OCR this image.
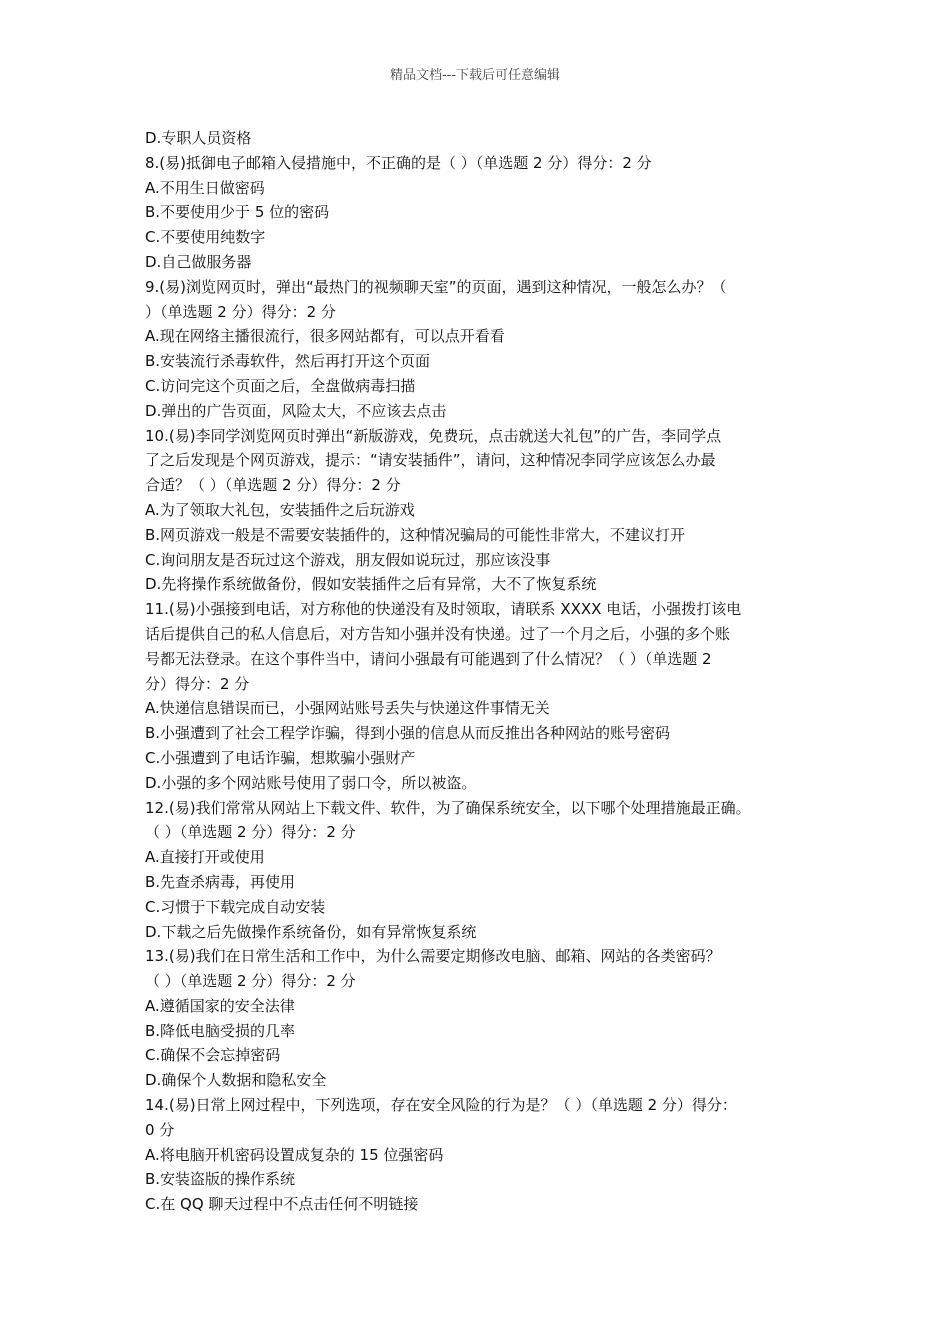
精品文档---下载后可任意编辑
D.专职人员资格
8.(易)抵御电子邮箱入侵措施中，不正确的是（ ）（单选题 2 分）得分：2 分
A.不用生日做密码
B.不要使用少于 5 位的密码
C.不要使用纯数字
D.自己做服务器
9.(易)浏览网页时，弹出“最热门的视频聊天室”的页面，遇到这种情况，一般怎么办？（
）（单选题 2 分）得分：2 分
A.现在网络主播很流行，很多网站都有，可以点开看看
B.安装流行杀毒软件，然后再打开这个页面
C.访问完这个页面之后，全盘做病毒扫描
D.弹出的广告页面，风险太大，不应该去点击
10.(易)李同学浏览网页时弹出“新版游戏，免费玩，点击就送大礼包”的广告，李同学点
了之后发现是个网页游戏，提示：“请安装插件”，请问，这种情况李同学应该怎么办最
合适？（ ）（单选题 2 分）得分：2 分
A.为了领取大礼包，安装插件之后玩游戏
B.网页游戏一般是不需要安装插件的，这种情况骗局的可能性非常大，不建议打开
C.询问朋友是否玩过这个游戏，朋友假如说玩过，那应该没事
D.先将操作系统做备份，假如安装插件之后有异常，大不了恢复系统
11.(易)小强接到电话，对方称他的快递没有及时领取，请联系 XXXX 电话，小强拨打该电
话后提供自己的私人信息后，对方告知小强并没有快递。过了一个月之后，小强的多个账
号都无法登录。在这个事件当中，请问小强最有可能遇到了什么情况？（ ）（单选题 2
分）得分：2 分
A.快递信息错误而已，小强网站账号丢失与快递这件事情无关
B.小强遭到了社会工程学诈骗，得到小强的信息从而反推出各种网站的账号密码
C.小强遭到了电话诈骗，想欺骗小强财产
D.小强的多个网站账号使用了弱口令，所以被盗。
12.(易)我们常常从网站上下载文件、软件，为了确保系统安全，以下哪个处理措施最正确。
（ ）（单选题 2 分）得分：2 分
A.直接打开或使用
B.先查杀病毒，再使用
C.习惯于下载完成自动安装
D.下载之后先做操作系统备份，如有异常恢复系统
13.(易)我们在日常生活和工作中，为什么需要定期修改电脑、邮箱、网站的各类密码？
（ ）（单选题 2 分）得分：2 分
A.遵循国家的安全法律
B.降低电脑受损的几率
C.确保不会忘掉密码
D.确保个人数据和隐私安全
14.(易)日常上网过程中，下列选项，存在安全风险的行为是？（ ）（单选题 2 分）得分：
0 分
A.将电脑开机密码设置成复杂的 15 位强密码
B.安装盗版的操作系统
C.在 QQ 聊天过程中不点击任何不明链接
